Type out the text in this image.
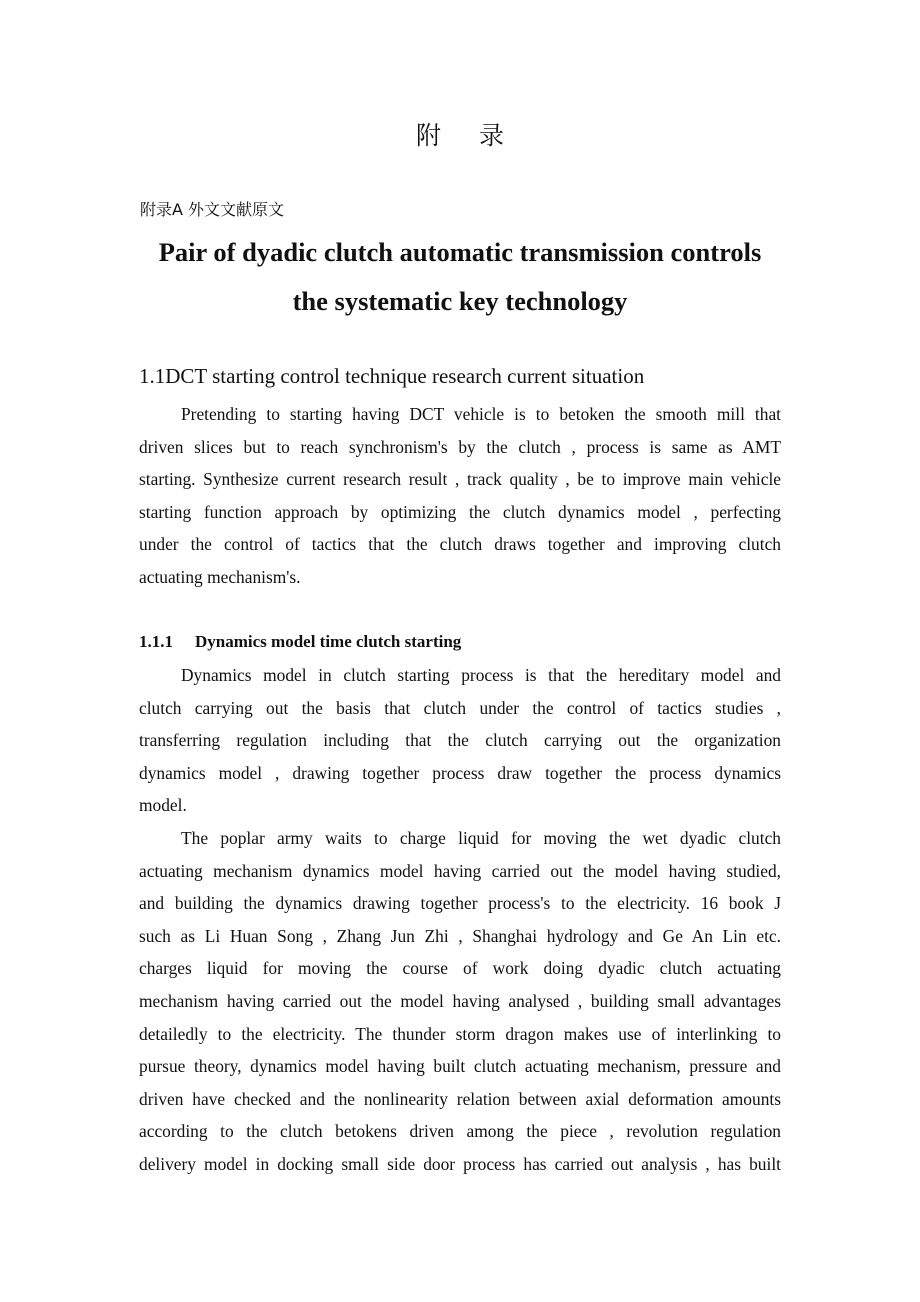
附录
附录A 外文文献原文
Pair of dyadic clutch automatic transmission controls
the systematic key technology
1.1DCT starting control technique research current situation
Pretending to starting having DCT vehicle is to betoken the smooth mill that
driven slices but to reach synchronism's by the clutch , process is same as AMT
starting. Synthesize current research result , track quality , be to improve main vehicle
starting function approach by optimizing the clutch dynamics model , perfecting
under the control of tactics that the clutch draws together and improving clutch
actuating mechanism's.
1.1.1 Dynamics model time clutch starting
Dynamics model in clutch starting process is that the hereditary model and
clutch carrying out the basis that clutch under the control of tactics studies ,
transferring regulation including that the clutch carrying out the organization
dynamics model , drawing together process draw together the process dynamics
model.
The poplar army waits to charge liquid for moving the wet dyadic clutch
actuating mechanism dynamics model having carried out the model having studied,
and building the dynamics drawing together process's to the electricity. 16 book J
such as Li Huan Song , Zhang Jun Zhi , Shanghai hydrology and Ge An Lin etc.
charges liquid for moving the course of work doing dyadic clutch actuating
mechanism having carried out the model having analysed , building small advantages
detailedly to the electricity. The thunder storm dragon makes use of interlinking to
pursue theory, dynamics model having built clutch actuating mechanism, pressure and
driven have checked and the nonlinearity relation between axial deformation amounts
according to the clutch betokens driven among the piece , revolution regulation
delivery model in docking small side door process has carried out analysis , has built
